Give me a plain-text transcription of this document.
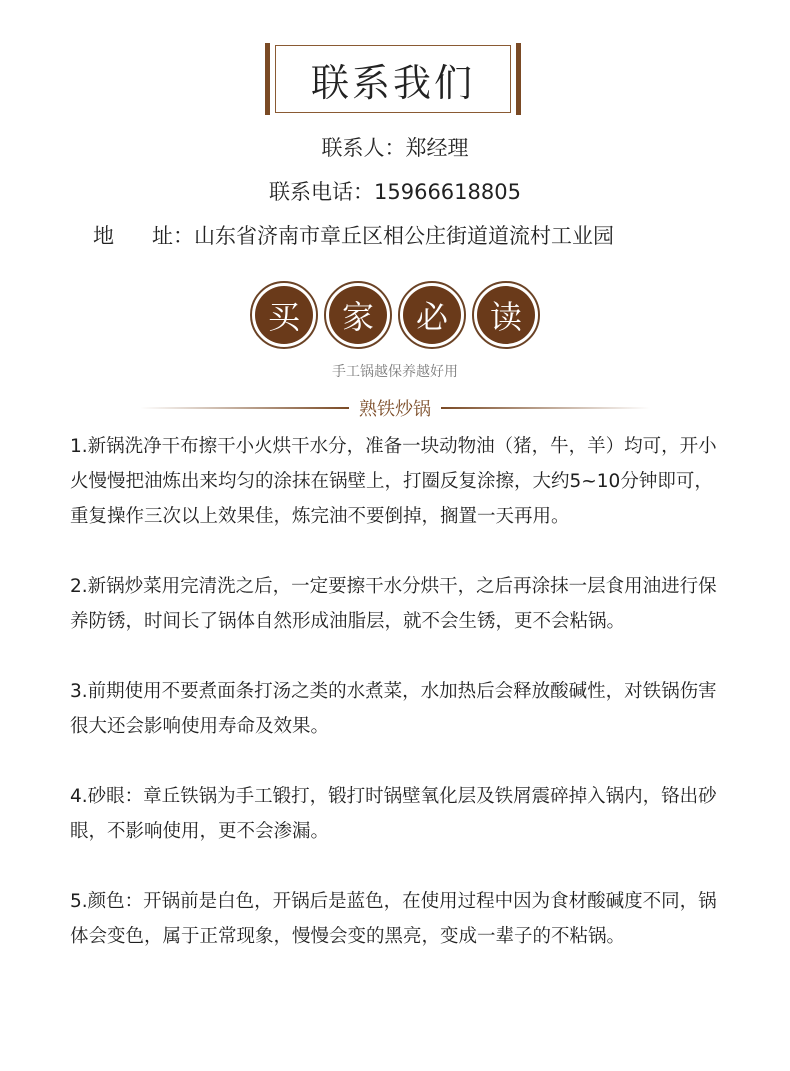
联系我们
联系人：郑经理
联系电话：15966618805
地 址：山东省济南市章丘区相公庄街道道流村工业园
买	家	必	读
手工锅越保养越好用
熟铁炒锅

1.新锅洗净干布擦干小火烘干水分，准备一块动物油（猪，牛，羊）均可，开小火慢慢把油炼出来均匀的涂抹在锅壁上，打圈反复涂擦，大约5~10分钟即可，重复操作三次以上效果佳，炼完油不要倒掉，搁置一天再用。

2.新锅炒菜用完清洗之后，一定要擦干水分烘干，之后再涂抹一层食用油进行保养防锈，时间长了锅体自然形成油脂层，就不会生锈，更不会粘锅。

3.前期使用不要煮面条打汤之类的水煮菜，水加热后会释放酸碱性，对铁锅伤害很大还会影响使用寿命及效果。

4.砂眼：章丘铁锅为手工锻打，锻打时锅壁氧化层及铁屑震碎掉入锅内，铬出砂眼，不影响使用，更不会渗漏。

5.颜色：开锅前是白色，开锅后是蓝色，在使用过程中因为食材酸碱度不同，锅体会变色，属于正常现象，慢慢会变的黑亮，变成一辈子的不粘锅。
